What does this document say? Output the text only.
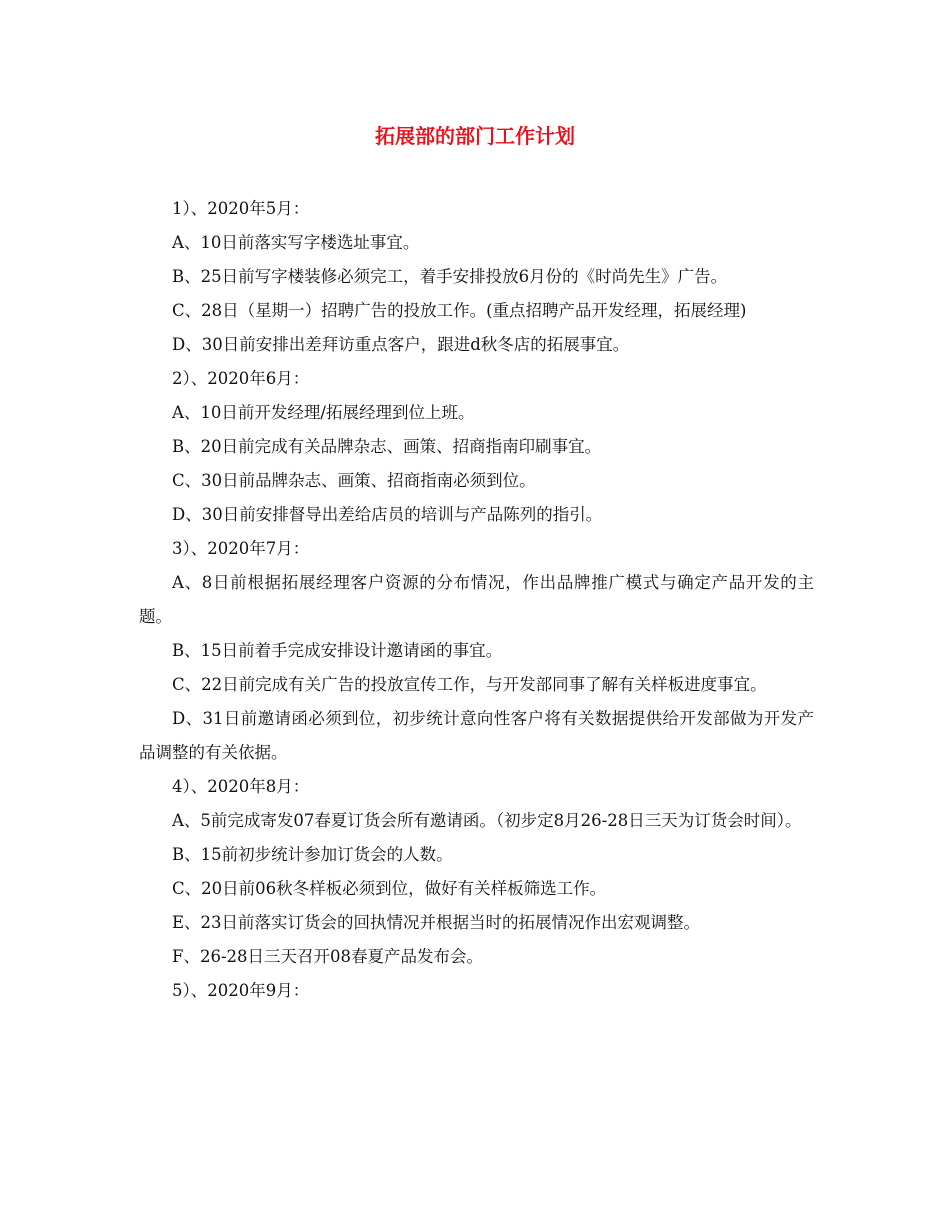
拓展部的部门工作计划

1）、2020年5月：

A、10日前落实写字楼选址事宜。

B、25日前写字楼装修必须完工，着手安排投放6月份的《时尚先生》广告。

C、28日（星期一）招聘广告的投放工作。(重点招聘产品开发经理，拓展经理)

D、30日前安排出差拜访重点客户，跟进d秋冬店的拓展事宜。

2）、2020年6月：

A、10日前开发经理/拓展经理到位上班。

B、20日前完成有关品牌杂志、画策、招商指南印刷事宜。

C、30日前品牌杂志、画策、招商指南必须到位。

D、30日前安排督导出差给店员的培训与产品陈列的指引。

3）、2020年7月：

A、8日前根据拓展经理客户资源的分布情况，作出品牌推广模式与确定产品开发的主题。

B、15日前着手完成安排设计邀请函的事宜。

C、22日前完成有关广告的投放宣传工作，与开发部同事了解有关样板进度事宜。

D、31日前邀请函必须到位，初步统计意向性客户将有关数据提供给开发部做为开发产品调整的有关依据。

4）、2020年8月：

A、5前完成寄发07春夏订货会所有邀请函。（初步定8月26-28日三天为订货会时间）。

B、15前初步统计参加订货会的人数。

C、20日前06秋冬样板必须到位，做好有关样板筛选工作。

E、23日前落实订货会的回执情况并根据当时的拓展情况作出宏观调整。

F、26-28日三天召开08春夏产品发布会。

5）、2020年9月：
